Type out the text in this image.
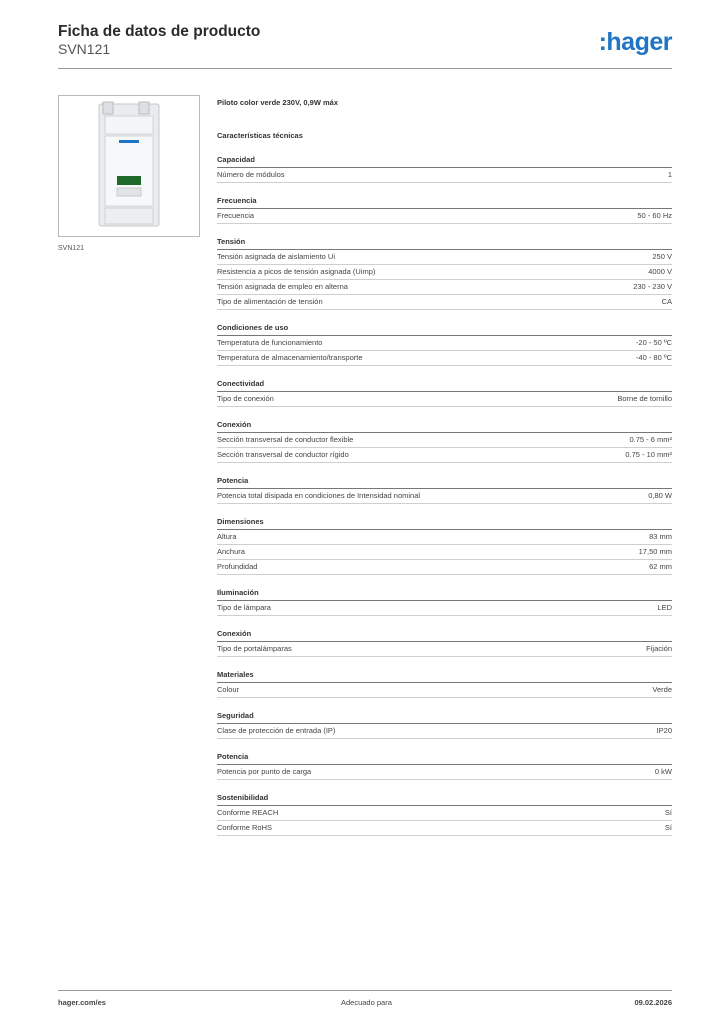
Ficha de datos de producto
SVN121	:hager
SVN121
Piloto color verde 230V, 0,9W máx
Características técnicas
Capacidad
Número de módulos	1
Frecuencia
Frecuencia	50 - 60 Hz
Tensión
Tensión asignada de aislamiento Ui	250 V
Resistencia a picos de tensión asignada (Uimp)	4000 V
Tensión asignada de empleo en alterna	230 - 230 V
Tipo de alimentación de tensión	CA
Condiciones de uso
Temperatura de funcionamiento	-20 - 50 ºC
Temperatura de almacenamiento/transporte	-40 - 80 ºC
Conectividad
Tipo de conexión	Borne de tornillo
Conexión
Sección transversal de conductor flexible	0.75 - 6 mm²
Sección transversal de conductor rígido	0.75 - 10 mm²
Potencia
Potencia total disipada en condiciones de Intensidad nominal	0,80 W
Dimensiones
Altura	83 mm
Anchura	17,50 mm
Profundidad	62 mm
Iluminación
Tipo de lámpara	LED
Conexión
Tipo de portalámparas	Fijación
Materiales
Colour	Verde
Seguridad
Clase de protección de entrada (IP)	IP20
Potencia
Potencia por punto de carga	0 kW
Sostenibilidad
Conforme REACH	Sí
Conforme RoHS	Sí
hager.com/es	Adecuado para	09.02.2026
